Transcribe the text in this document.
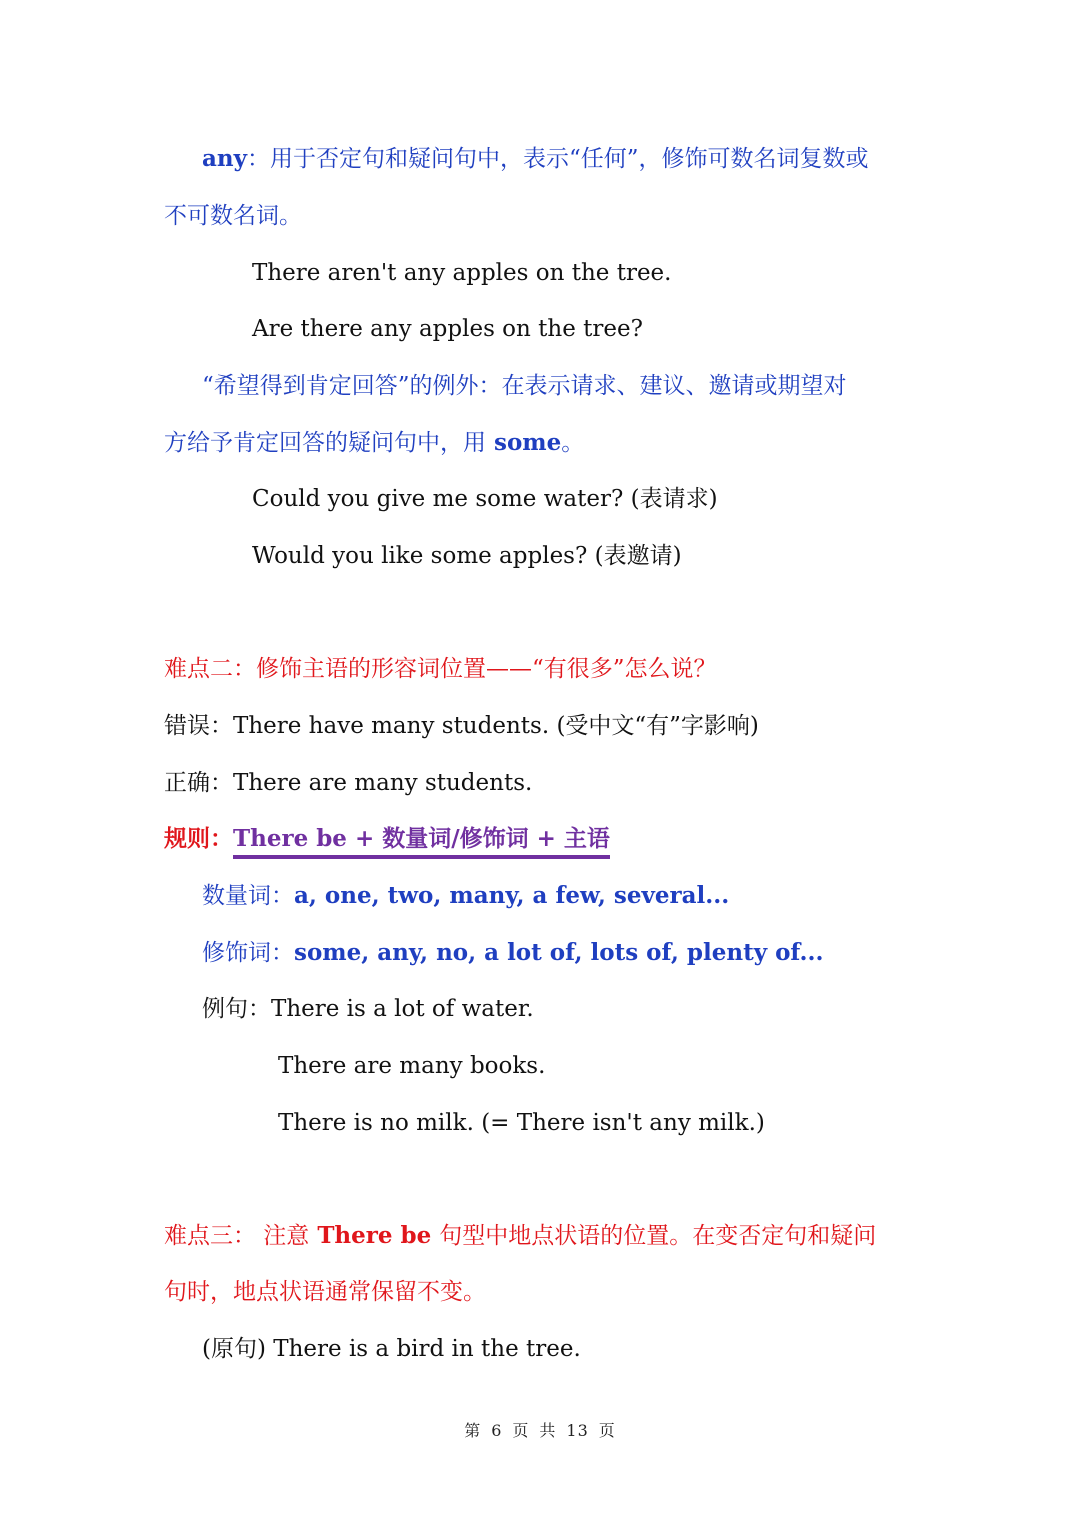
any：用于否定句和疑问句中，表示“任何”，修饰可数名词复数或
不可数名词。
There aren't any apples on the tree.
Are there any apples on the tree?
“希望得到肯定回答”的例外：在表示请求、建议、邀请或期望对
方给予肯定回答的疑问句中，用 some。
Could you give me some water? (表请求)
Would you like some apples? (表邀请)
难点二：修饰主语的形容词位置——“有很多”怎么说？
错误：There have many students. (受中文“有”字影响)
正确：There are many students.
规则：There be + 数量词/修饰词 + 主语
数量词：a, one, two, many, a few, several...
修饰词：some, any, no, a lot of, lots of, plenty of...
例句：There is a lot of water.
There are many books.
There is no milk. (= There isn't any milk.)
难点三： 注意 There be 句型中地点状语的位置。在变否定句和疑问
句时，地点状语通常保留不变。
(原句) There is a bird in the tree.
第 6 页 共 13 页
